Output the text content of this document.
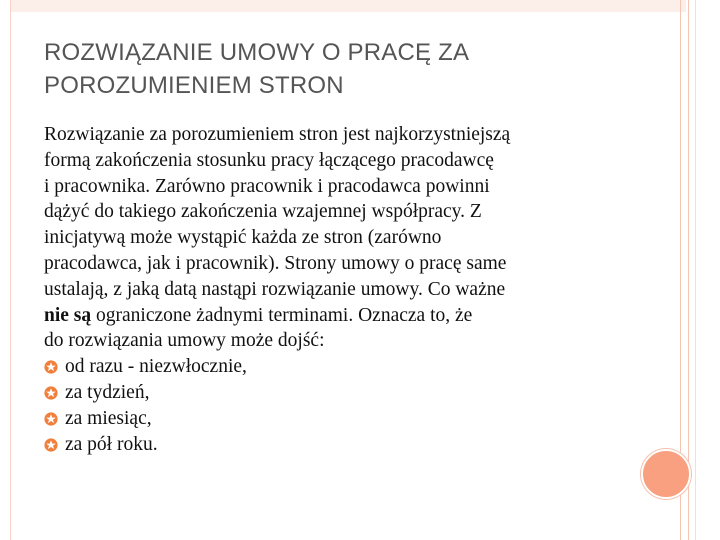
ROZWIĄZANIE UMOWY O PRACĘ ZA
POROZUMIENIEM STRON
Rozwiązanie za porozumieniem stron jest najkorzystniejszą
formą zakończenia stosunku pracy łączącego pracodawcę
i pracownika. Zarówno pracownik i pracodawca powinni
dążyć do takiego zakończenia wzajemnej współpracy. Z
inicjatywą może wystąpić każda ze stron (zarówno
pracodawca, jak i pracownik). Strony umowy o pracę same
ustalają, z jaką datą nastąpi rozwiązanie umowy. Co ważne
nie są ograniczone żadnymi terminami. Oznacza to, że
do rozwiązania umowy może dojść:
od razu - niezwłocznie,
za tydzień,
za miesiąc,
za pół roku.
